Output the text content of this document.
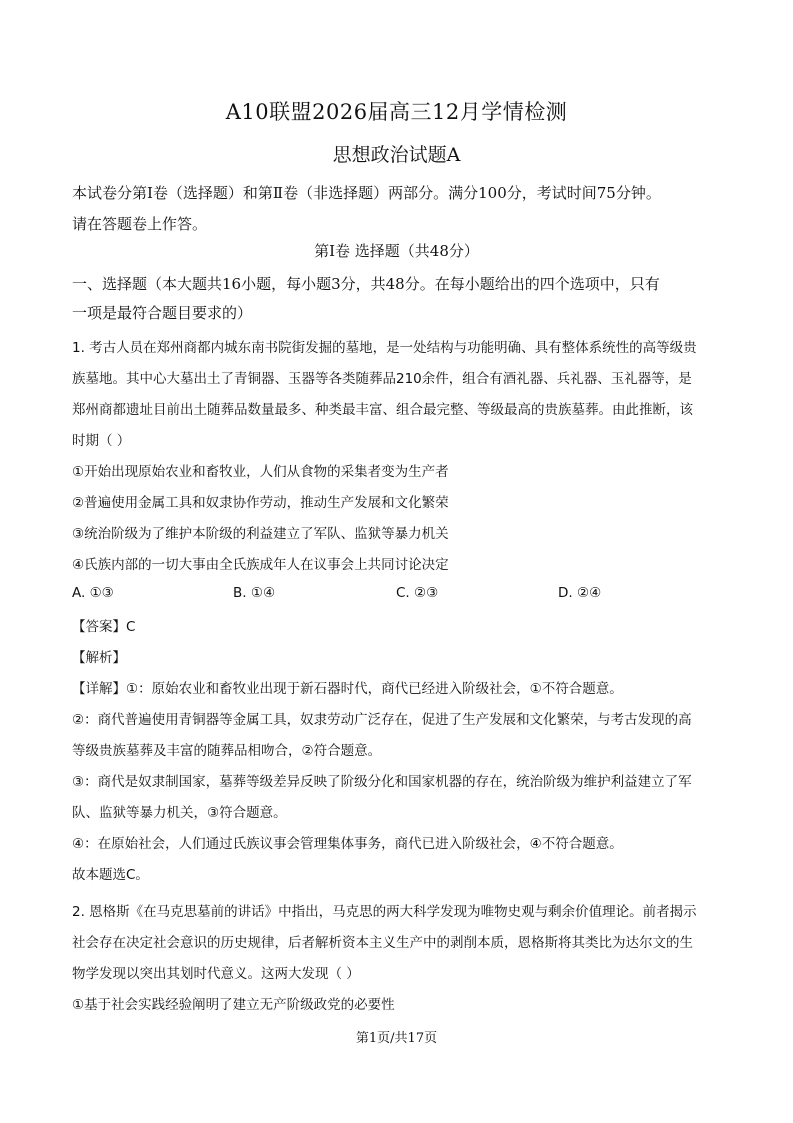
A10联盟2026届高三12月学情检测
思想政治试题A

本试卷分第Ⅰ卷（选择题）和第Ⅱ卷（非选择题）两部分。满分100分，考试时间75分钟。

请在答题卷上作答。

第Ⅰ卷 选择题（共48分）

一、选择题（本大题共16小题，每小题3分，共48分。在每小题给出的四个选项中，只有

一项是最符合题目要求的）

1. 考古人员在郑州商都内城东南书院街发掘的墓地，是一处结构与功能明确、具有整体系统性的高等级贵

族墓地。其中心大墓出土了青铜器、玉器等各类随葬品210余件，组合有酒礼器、兵礼器、玉礼器等，是

郑州商都遗址目前出土随葬品数量最多、种类最丰富、组合最完整、等级最高的贵族墓葬。由此推断，该

时期（ ）

①开始出现原始农业和畜牧业，人们从食物的采集者变为生产者

②普遍使用金属工具和奴隶协作劳动，推动生产发展和文化繁荣

③统治阶级为了维护本阶级的利益建立了军队、监狱等暴力机关

④氏族内部的一切大事由全氏族成年人在议事会上共同讨论决定

A. ①③	B. ①④	C. ②③	D. ②④

【答案】C

【解析】

【详解】①：原始农业和畜牧业出现于新石器时代，商代已经进入阶级社会，①不符合题意。

②：商代普遍使用青铜器等金属工具，奴隶劳动广泛存在，促进了生产发展和文化繁荣，与考古发现的高

等级贵族墓葬及丰富的随葬品相吻合，②符合题意。

③：商代是奴隶制国家，墓葬等级差异反映了阶级分化和国家机器的存在，统治阶级为维护利益建立了军

队、监狱等暴力机关，③符合题意。

④：在原始社会，人们通过氏族议事会管理集体事务，商代已进入阶级社会，④不符合题意。

故本题选C。

2. 恩格斯《在马克思墓前的讲话》中指出，马克思的两大科学发现为唯物史观与剩余价值理论。前者揭示

社会存在决定社会意识的历史规律，后者解析资本主义生产中的剥削本质，恩格斯将其类比为达尔文的生

物学发现以突出其划时代意义。这两大发现（ ）

①基于社会实践经验阐明了建立无产阶级政党的必要性

第1页/共17页
